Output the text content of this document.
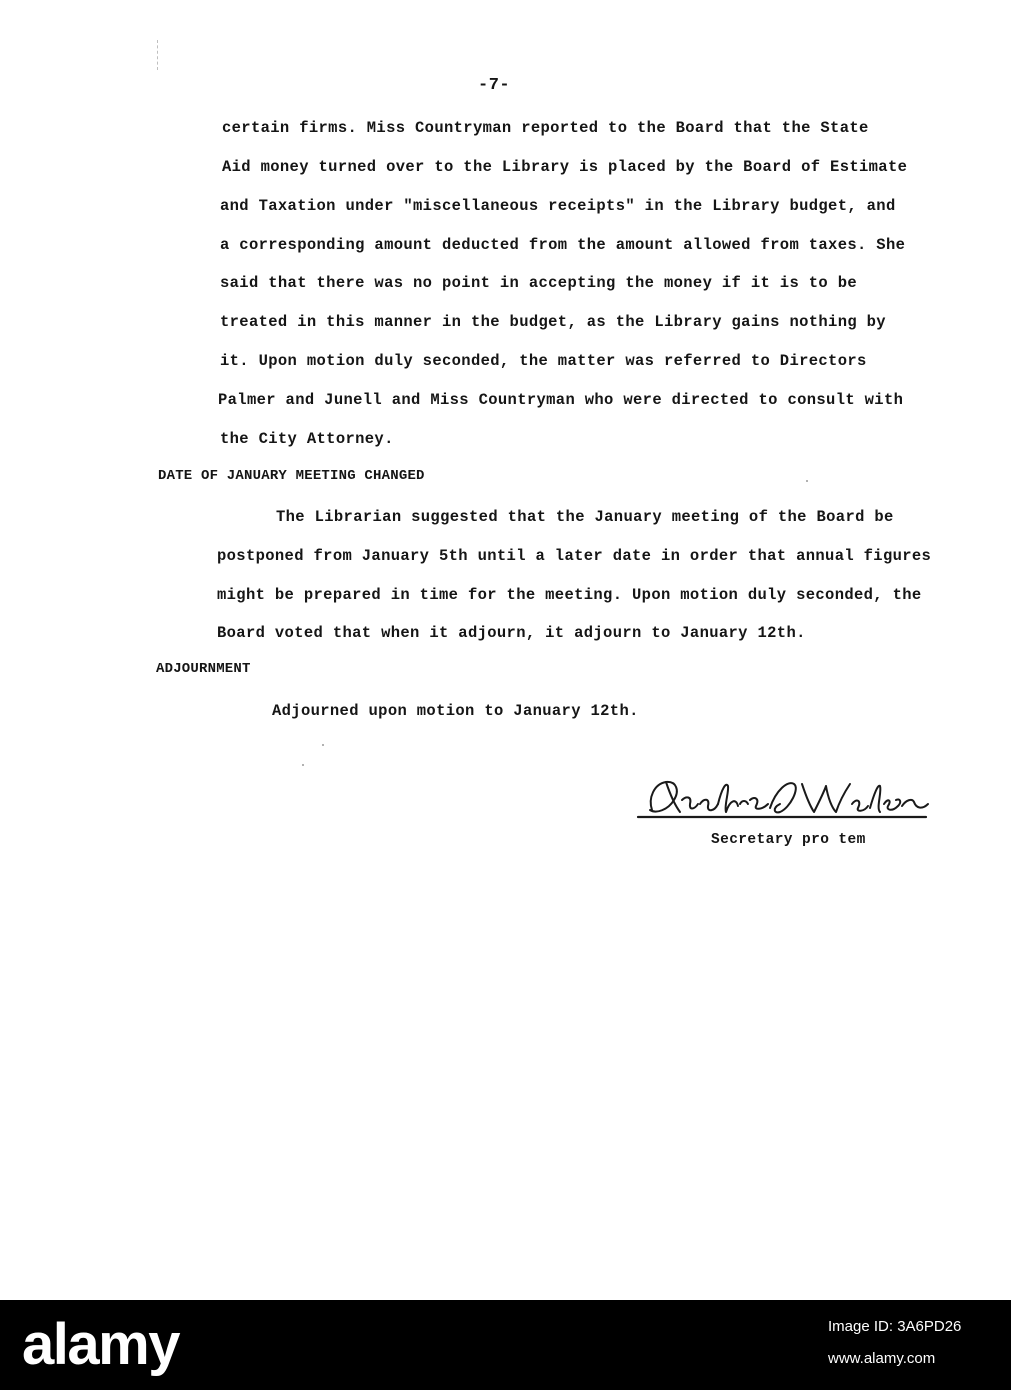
-7-
certain firms. Miss Countryman reported to the Board that the State
Aid money turned over to the Library is placed by the Board of Estimate
and Taxation under "miscellaneous receipts" in the Library budget, and
a corresponding amount deducted from the amount allowed from taxes. She
said that there was no point in accepting the money if it is to be
treated in this manner in the budget, as the Library gains nothing by
it. Upon motion duly seconded, the matter was referred to Directors
Palmer and Junell and Miss Countryman who were directed to consult with
the City Attorney.
DATE OF JANUARY MEETING CHANGED
The Librarian suggested that the January meeting of the Board be
postponed from January 5th until a later date in order that annual figures
might be prepared in time for the meeting. Upon motion duly seconded, the
Board voted that when it adjourn, it adjourn to January 12th.
ADJOURNMENT
Adjourned upon motion to January 12th.
Secretary pro tem
alamy	Image ID: 3A6PD26
www.alamy.com
